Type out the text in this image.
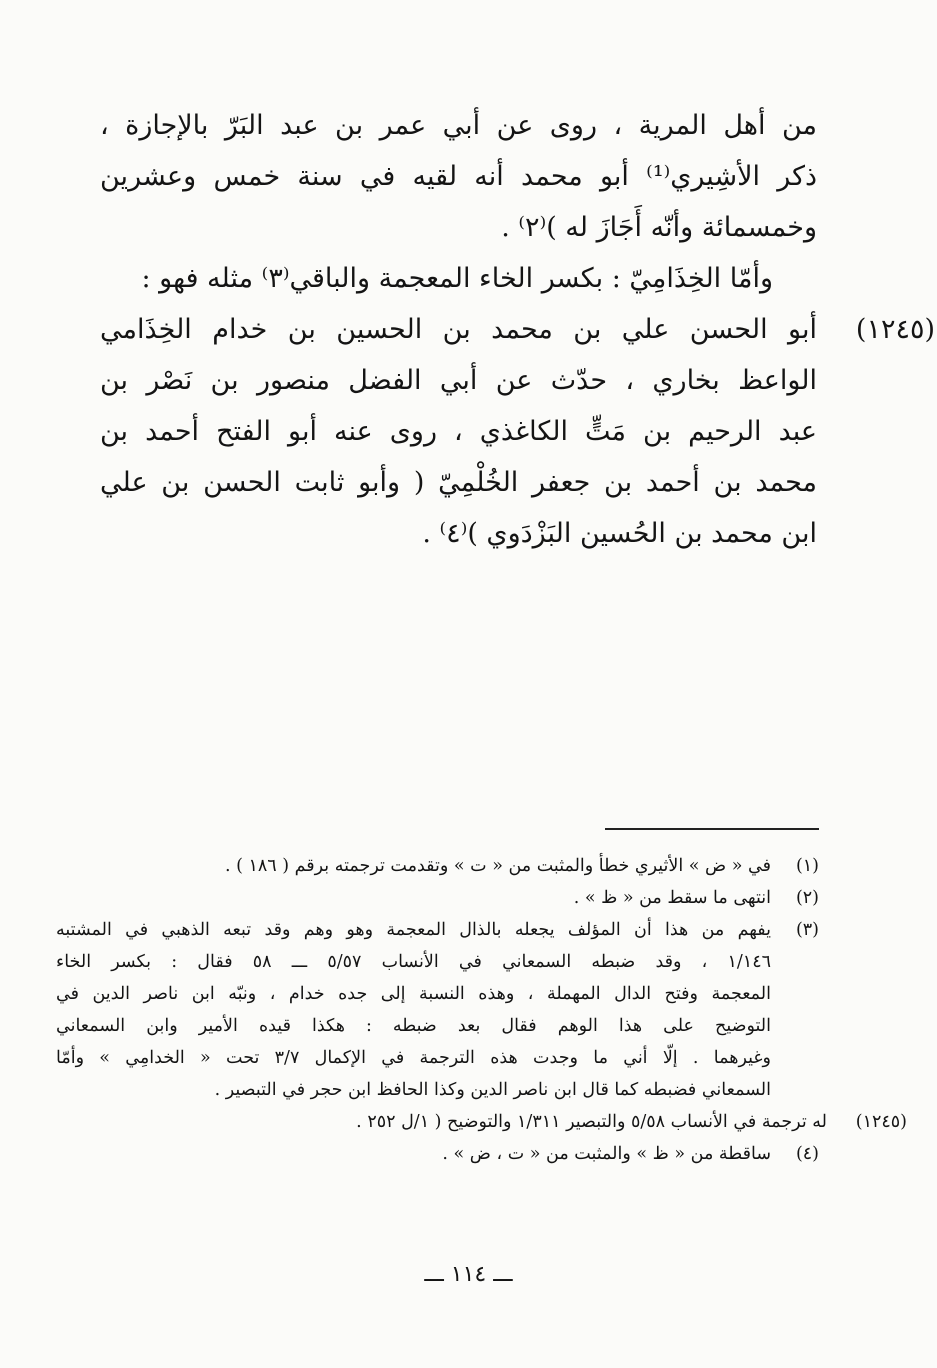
من أهل المرية ، روى عن أبي عمر بن عبد البَرّ بالإجازة ،
ذكر الأشِيري⁽¹⁾ أبو محمد أنه لقيه في سنة خمس وعشرين
وخمسمائة وأنّه أَجَازَ له )⁽٢⁾ .
وأمّا الخِذَامِيّ : بكسر الخاء المعجمة والباقي⁽٣⁾ مثله فهو :
(١٢٤٥)
أبو الحسن علي بن محمد بن الحسين بن خدام الخِذَامي
الواعظ بخاري ، حدّث عن أبي الفضل منصور بن نَصْر بن
عبد الرحيم بن مَتٍّ الكاغذي ، روى عنه أبو الفتح أحمد بن
محمد بن أحمد بن جعفر الخُلْمِيّ ( وأبو ثابت الحسن بن علي
ابن محمد بن الحُسين البَزْدَوي )⁽٤⁾ .
(١)
في « ض » الأثيري خطأ والمثبت من « ت » وتقدمت ترجمته برقم ( ١٨٦ ) .
(٢)
انتهى ما سقط من « ظ » .
(٣)
يفهم من هذا أن المؤلف يجعله بالذال المعجمة وهو وهم وقد تبعه الذهبي في المشتبه
١/١٤٦ ، وقد ضبطه السمعاني في الأنساب ٥/٥٧ ـــ ٥٨ فقال : بكسر الخاء
المعجمة وفتح الدال المهملة ، وهذه النسبة إلى جده خدام ، ونبّه ابن ناصر الدين في
التوضيح على هذا الوهم فقال بعد ضبطه : هكذا قيده الأمير وابن السمعاني
وغيرهما . إلّا أني ما وجدت هذه الترجمة في الإكمال ٣/٧ تحت « الخدامِي » وأمّا
السمعاني فضبطه كما قال ابن ناصر الدين وكذا الحافظ ابن حجر في التبصير .
(١٢٤٥)
له ترجمة في الأنساب ٥/٥٨ والتبصير ١/٣١١ والتوضيح ( ١/ل ٢٥٢ .
(٤)
ساقطة من « ظ » والمثبت من « ت ، ض » .
ـــ ١١٤ ـــ
